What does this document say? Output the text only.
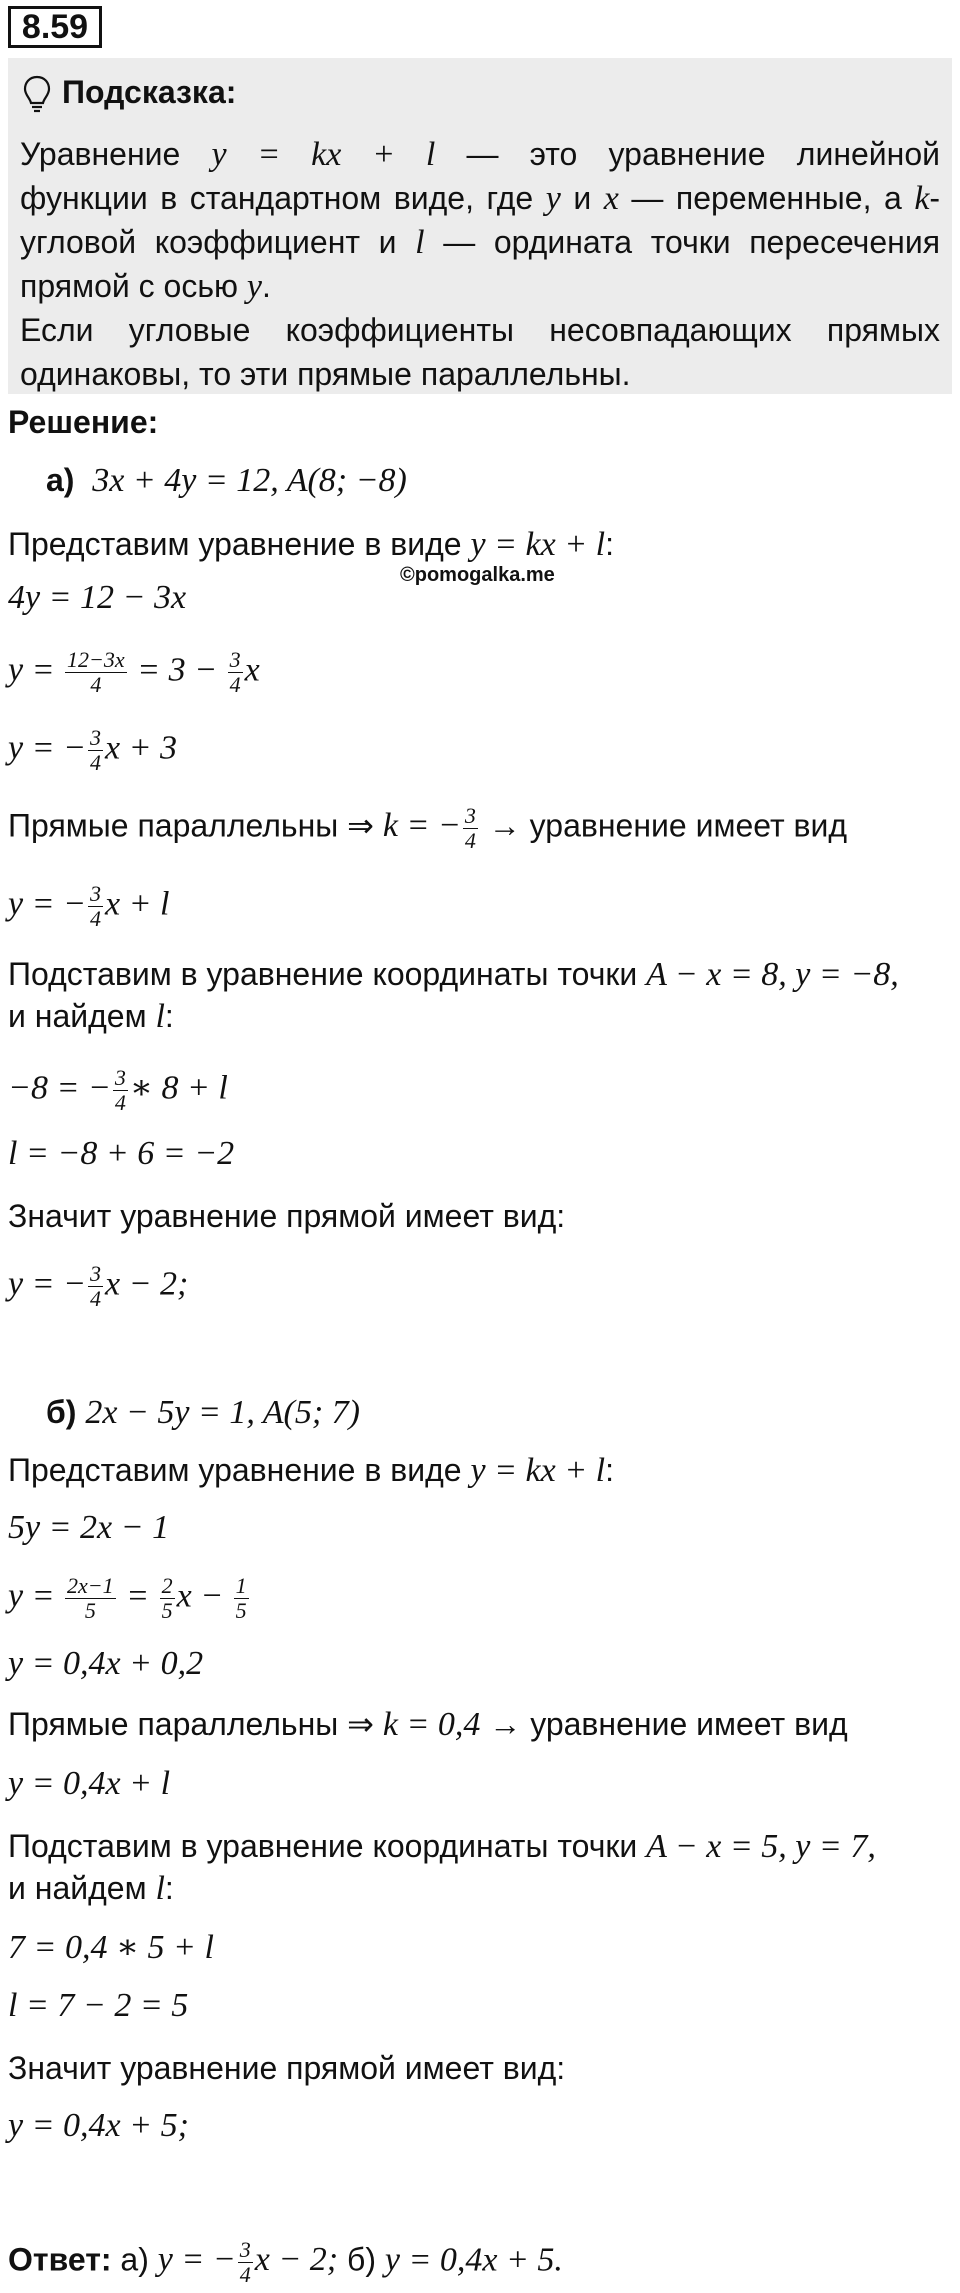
8.59
Подсказка:
Уравнение y = kx + l — это уравнение линейной
функции в стандартном виде, где y и x — переменные, а k-
угловой коэффициент и l — ордината точки пересечения
прямой с осью y.
Если угловые коэффициенты несовпадающих прямых
одинаковы, то эти прямые параллельны.
Решение:
а) 3x + 4y = 12, A(8; −8)
Представим уравнение в виде y = kx + l:
©pomogalka.me
4y = 12 − 3x
$y = \frac{12-3x}{4} = 3 - \frac{3}{4}$ x
y = − $\frac{3}{4}$ x + 3
Прямые параллельны ⇒ k = − $\frac{3}{4}$ → уравнение имеет вид
y = − $\frac{3}{4}$ x + l
Подставим в уравнение координаты точки A − x = 8, y = −8,
и найдем l:
−8 = − $\frac{3}{4}$ ∗ 8 + l
l = −8 + 6 = −2
Значит уравнение прямой имеет вид:
y = − $\frac{3}{4}$ x − 2;
б) 2x − 5y = 1, A(5; 7)
Представим уравнение в виде y = kx + l:
5y = 2x − 1
$y = \frac{2x-1}{5} = \frac{2}{5}$ $x - \frac{1}{5}$
y = 0,4x + 0,2
Прямые параллельны ⇒ k = 0,4 → уравнение имеет вид
y = 0,4x + l
Подставим в уравнение координаты точки A − x = 5, y = 7,
и найдем l:
7 = 0,4 ∗ 5 + l
l = 7 − 2 = 5
Значит уравнение прямой имеет вид:
y = 0,4x + 5;
Ответ: а) y = − $\frac{3}{4}$ x − 2; б) y = 0,4x + 5.
